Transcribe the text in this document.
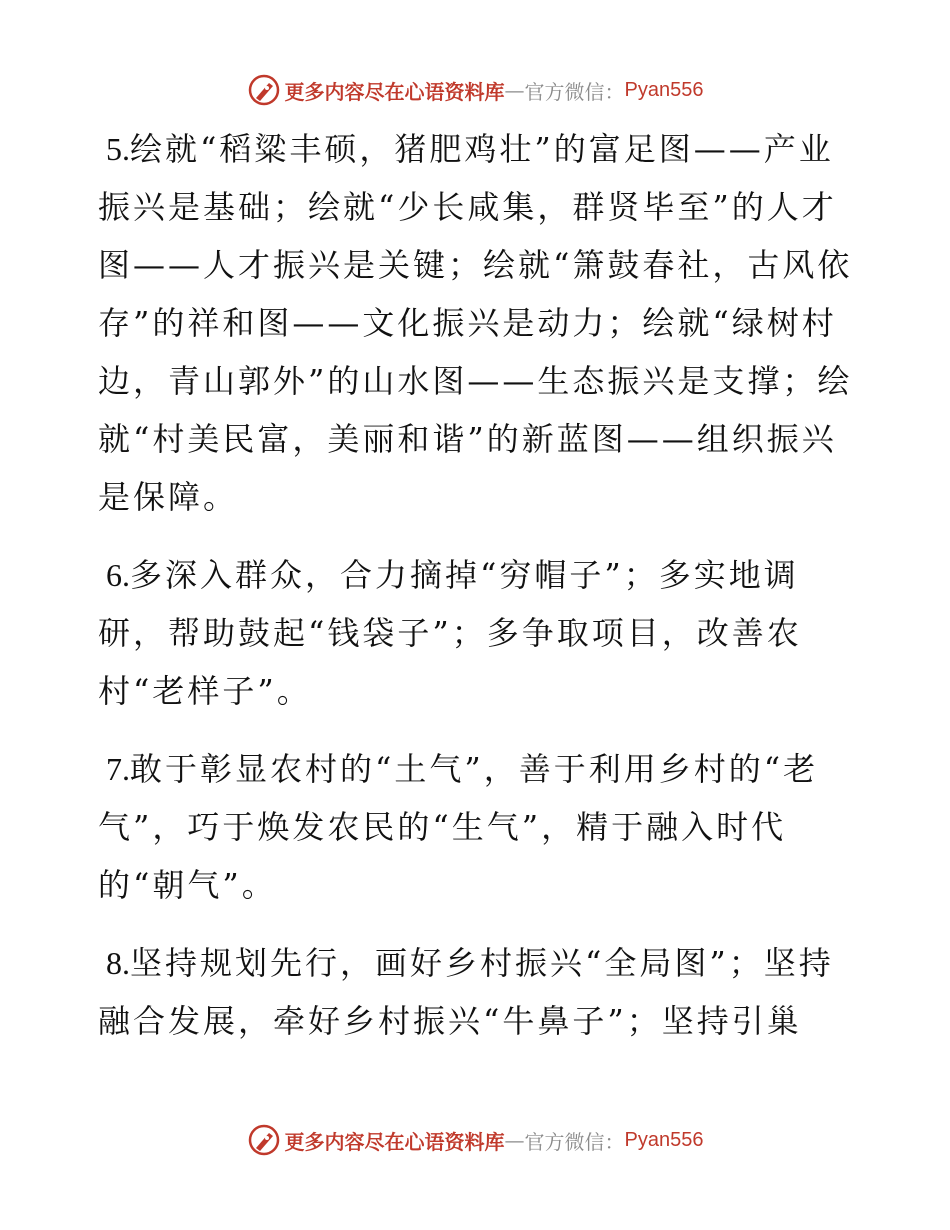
更多内容尽在心语资料库 — 官方微信： Pyan556

5.绘就“稻粱丰硕，猪肥鸡壮”的富足图——产业振兴是基础；绘就“少长咸集，群贤毕至”的人才图——人才振兴是关键；绘就“箫鼓春社，古风依存”的祥和图——文化振兴是动力；绘就“绿树村边，青山郭外”的山水图——生态振兴是支撑；绘就“村美民富，美丽和谐”的新蓝图——组织振兴是保障。

6.多深入群众，合力摘掉“穷帽子”；多实地调研，帮助鼓起“钱袋子”；多争取项目，改善农村“老样子”。

7.敢于彰显农村的“土气”，善于利用乡村的“老气”，巧于焕发农民的“生气”，精于融入时代的“朝气”。

8.坚持规划先行，画好乡村振兴“全局图”；坚持融合发展，牵好乡村振兴“牛鼻子”；坚持引巢

更多内容尽在心语资料库 — 官方微信： Pyan556
